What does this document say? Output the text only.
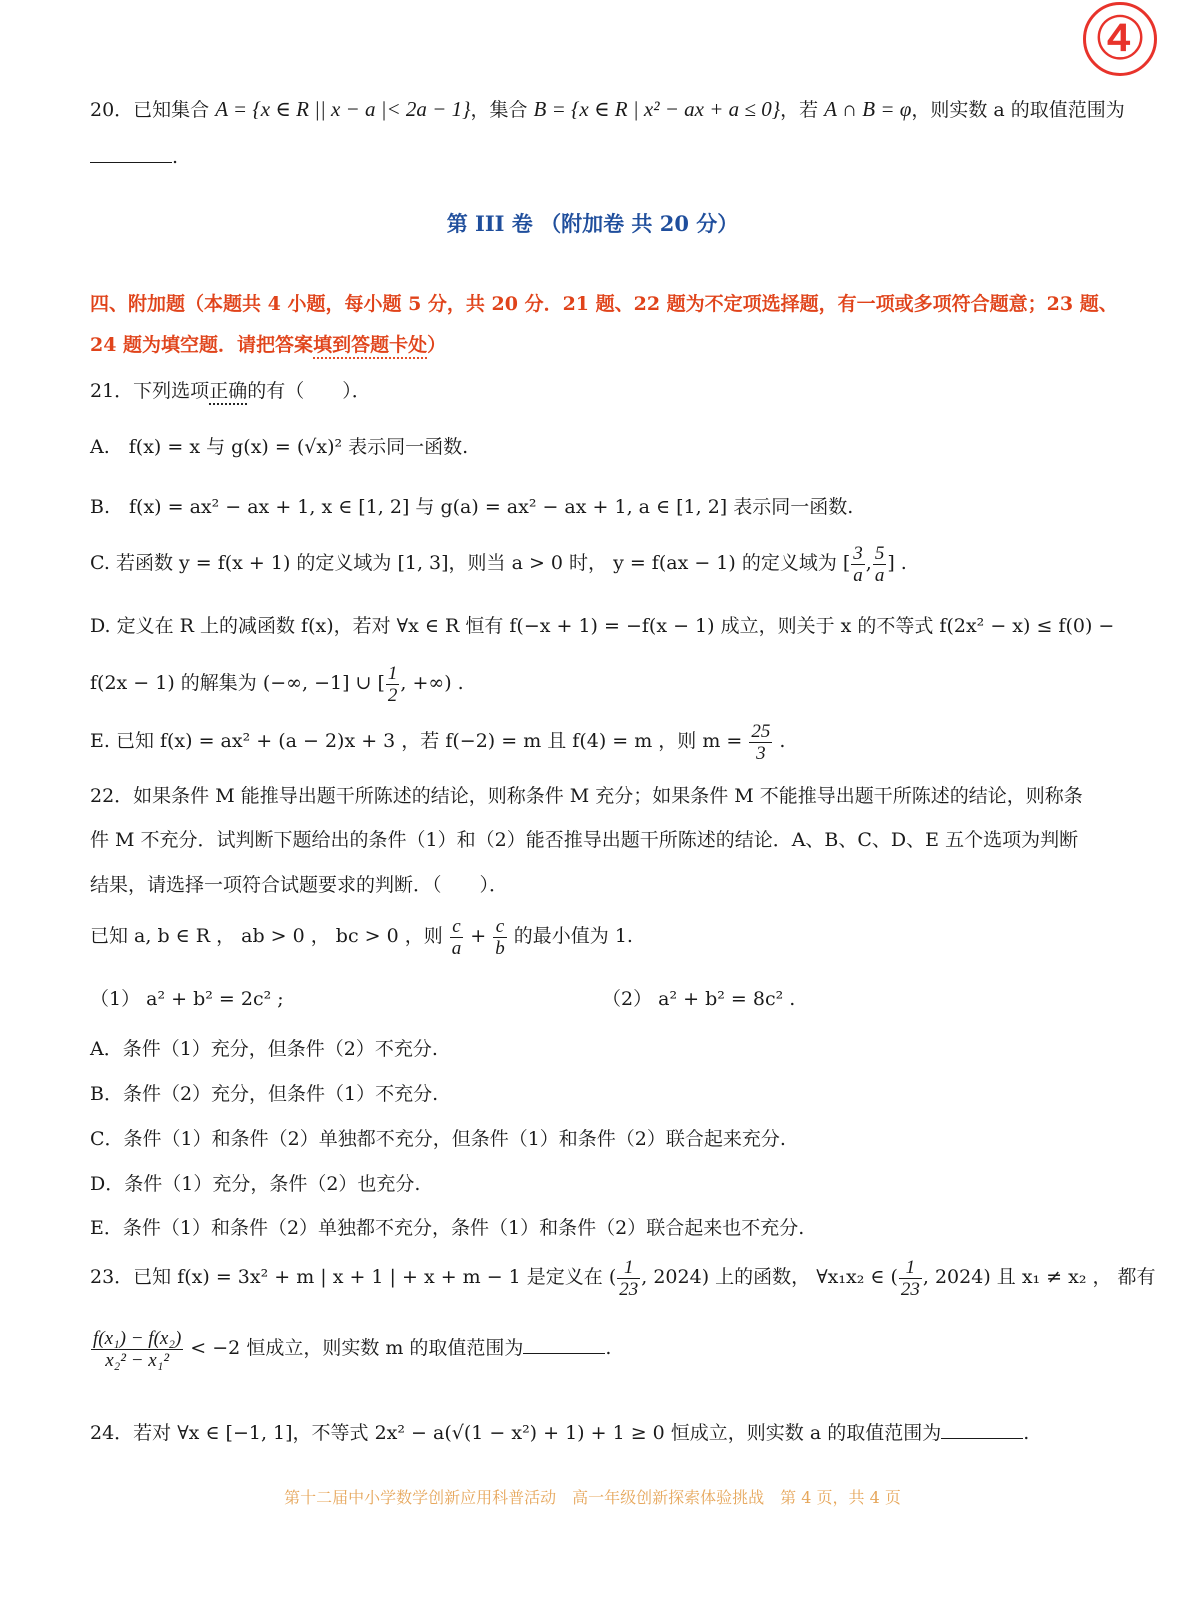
④
20．已知集合 A = {x ∈ R || x − a |< 2a − 1}，集合 B = {x ∈ R | x² − ax + a ≤ 0}，若 A ∩ B = φ，则实数 a 的取值范围为
.
第 III 卷 （附加卷 共 20 分）
四、附加题（本题共 4 小题，每小题 5 分，共 20 分．21 题、22 题为不定项选择题，有一项或多项符合题意；23 题、
24 题为填空题．请把答案填到答题卡处）
21．下列选项正确的有（　　）．
A.　f(x) = x 与 g(x) = (√x)² 表示同一函数.
B.　f(x) = ax² − ax + 1, x ∈ [1, 2] 与 g(a) = ax² − ax + 1, a ∈ [1, 2] 表示同一函数.
C. 若函数 y = f(x + 1) 的定义域为 [1, 3]，则当 a > 0 时， y = f(ax − 1) 的定义域为 [ $\frac{3}{a}$ , $\frac{5}{a}$ ] .
D. 定义在 R 上的减函数 f(x)，若对 ∀x ∈ R 恒有 f(−x + 1) = −f(x − 1) 成立，则关于 x 的不等式 f(2x² − x) ≤ f(0) −
f(2x − 1) 的解集为 (−∞, −1] ∪ [ $\frac{1}{2}$ , +∞) .
E. 已知 f(x) = ax² + (a − 2)x + 3 ，若 f(−2) = m 且 f(4) = m ，则 $m = \frac{25}{3}$ .
22．如果条件 M 能推导出题干所陈述的结论，则称条件 M 充分；如果条件 M 不能推导出题干所陈述的结论，则称条
件 M 不充分．试判断下题给出的条件（1）和（2）能否推导出题干所陈述的结论．A、B、C、D、E 五个选项为判断
结果，请选择一项符合试题要求的判断．（　　）．
已知 a, b ∈ R ， ab > 0 ， bc > 0 ，则 $\frac{c}{a} + \frac{c}{b}$ 的最小值为 1.
（1） a² + b² = 2c² ;	（2） a² + b² = 8c² .
A．条件（1）充分，但条件（2）不充分.
B．条件（2）充分，但条件（1）不充分.
C．条件（1）和条件（2）单独都不充分，但条件（1）和条件（2）联合起来充分.
D．条件（1）充分，条件（2）也充分.
E．条件（1）和条件（2）单独都不充分，条件（1）和条件（2）联合起来也不充分.
23．已知 f(x) = 3x² + m | x + 1 | + x + m − 1 是定义在 ( $\frac{1}{23}$ , 2024) 上的函数， ∀x₁x₂ ∈ ( $\frac{1}{23}$ , 2024) 且 x₁ ≠ x₂ ， 都有
$\frac{\text{f(x₁) − f(x₂)}}{\text{x₂² − x₁²}} < -2$ 恒成立，则实数 m 的取值范围为	.
24．若对 ∀x ∈ [−1, 1]，不等式 2x² − a(√(1 − x²) + 1) + 1 ≥ 0 恒成立，则实数 a 的取值范围为	.
第十二届中小学数学创新应用科普活动　高一年级创新探索体验挑战　第 4 页，共 4 页
